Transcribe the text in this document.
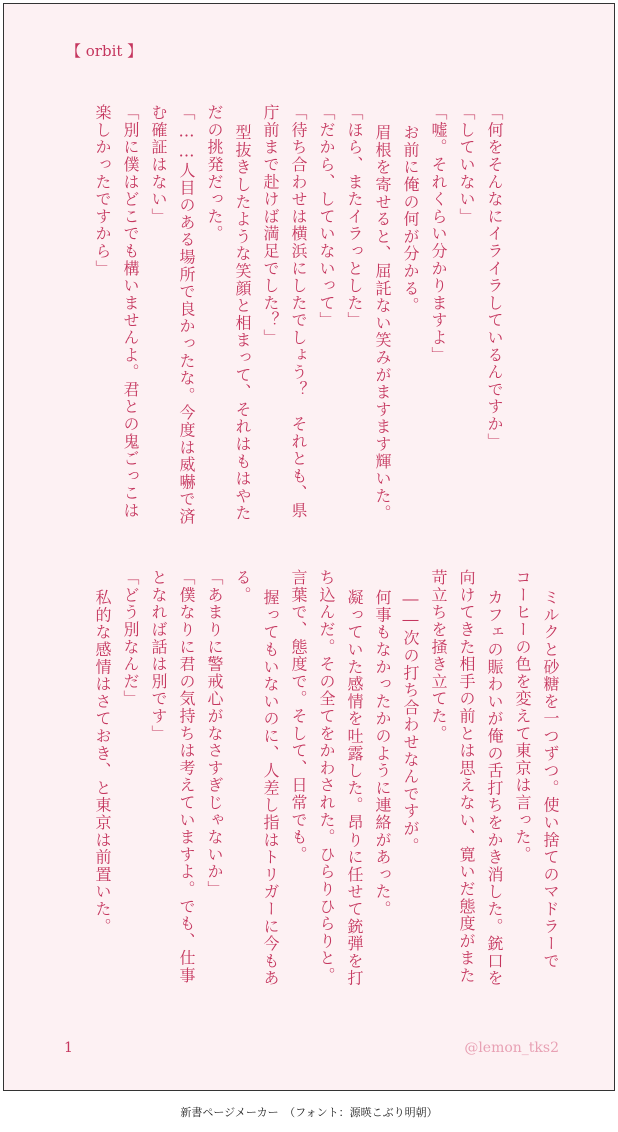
【 orbit 】
「何をそんなにイライラしているんですか」
「していない」
「嘘。それくらい分かりますよ」
お前に俺の何が分かる。
眉根を寄せると、屈託ない笑みがますます輝いた。
「ほら、またイラっとした」
「だから、していないって」
「待ち合わせは横浜にしたでしょう？　それとも、県
庁前まで赴けば満足でした？」
型抜きしたような笑顔と相まって、それはもはやた
だの挑発だった。
「……人目のある場所で良かったな。今度は威嚇で済
む確証はない」
「別に僕はどこでも構いませんよ。君との鬼ごっこは
楽しかったですから」
ミルクと砂糖を一つずつ。使い捨てのマドラーで
コーヒーの色を変えて東京は言った。
カフェの賑わいが俺の舌打ちをかき消した。銃口を
向けてきた相手の前とは思えない、寛いだ態度がまた
苛立ちを掻き立てた。
――次の打ち合わせなんですが。
何事もなかったかのように連絡があった。
凝っていた感情を吐露した。昂りに任せて銃弾を打
ち込んだ。その全てをかわされた。ひらりひらりと。
言葉で、態度で。そして、日常でも。
握ってもいないのに、人差し指はトリガーに今もあ
る。
「あまりに警戒心がなさすぎじゃないか」
「僕なりに君の気持ちは考えていますよ。でも、仕事
となれば話は別です」
「どう別なんだ」
私的な感情はさておき、と東京は前置いた。
1	@lemon_tks2
新書ページメーカー　（フォント：源暎こぶり明朝）
